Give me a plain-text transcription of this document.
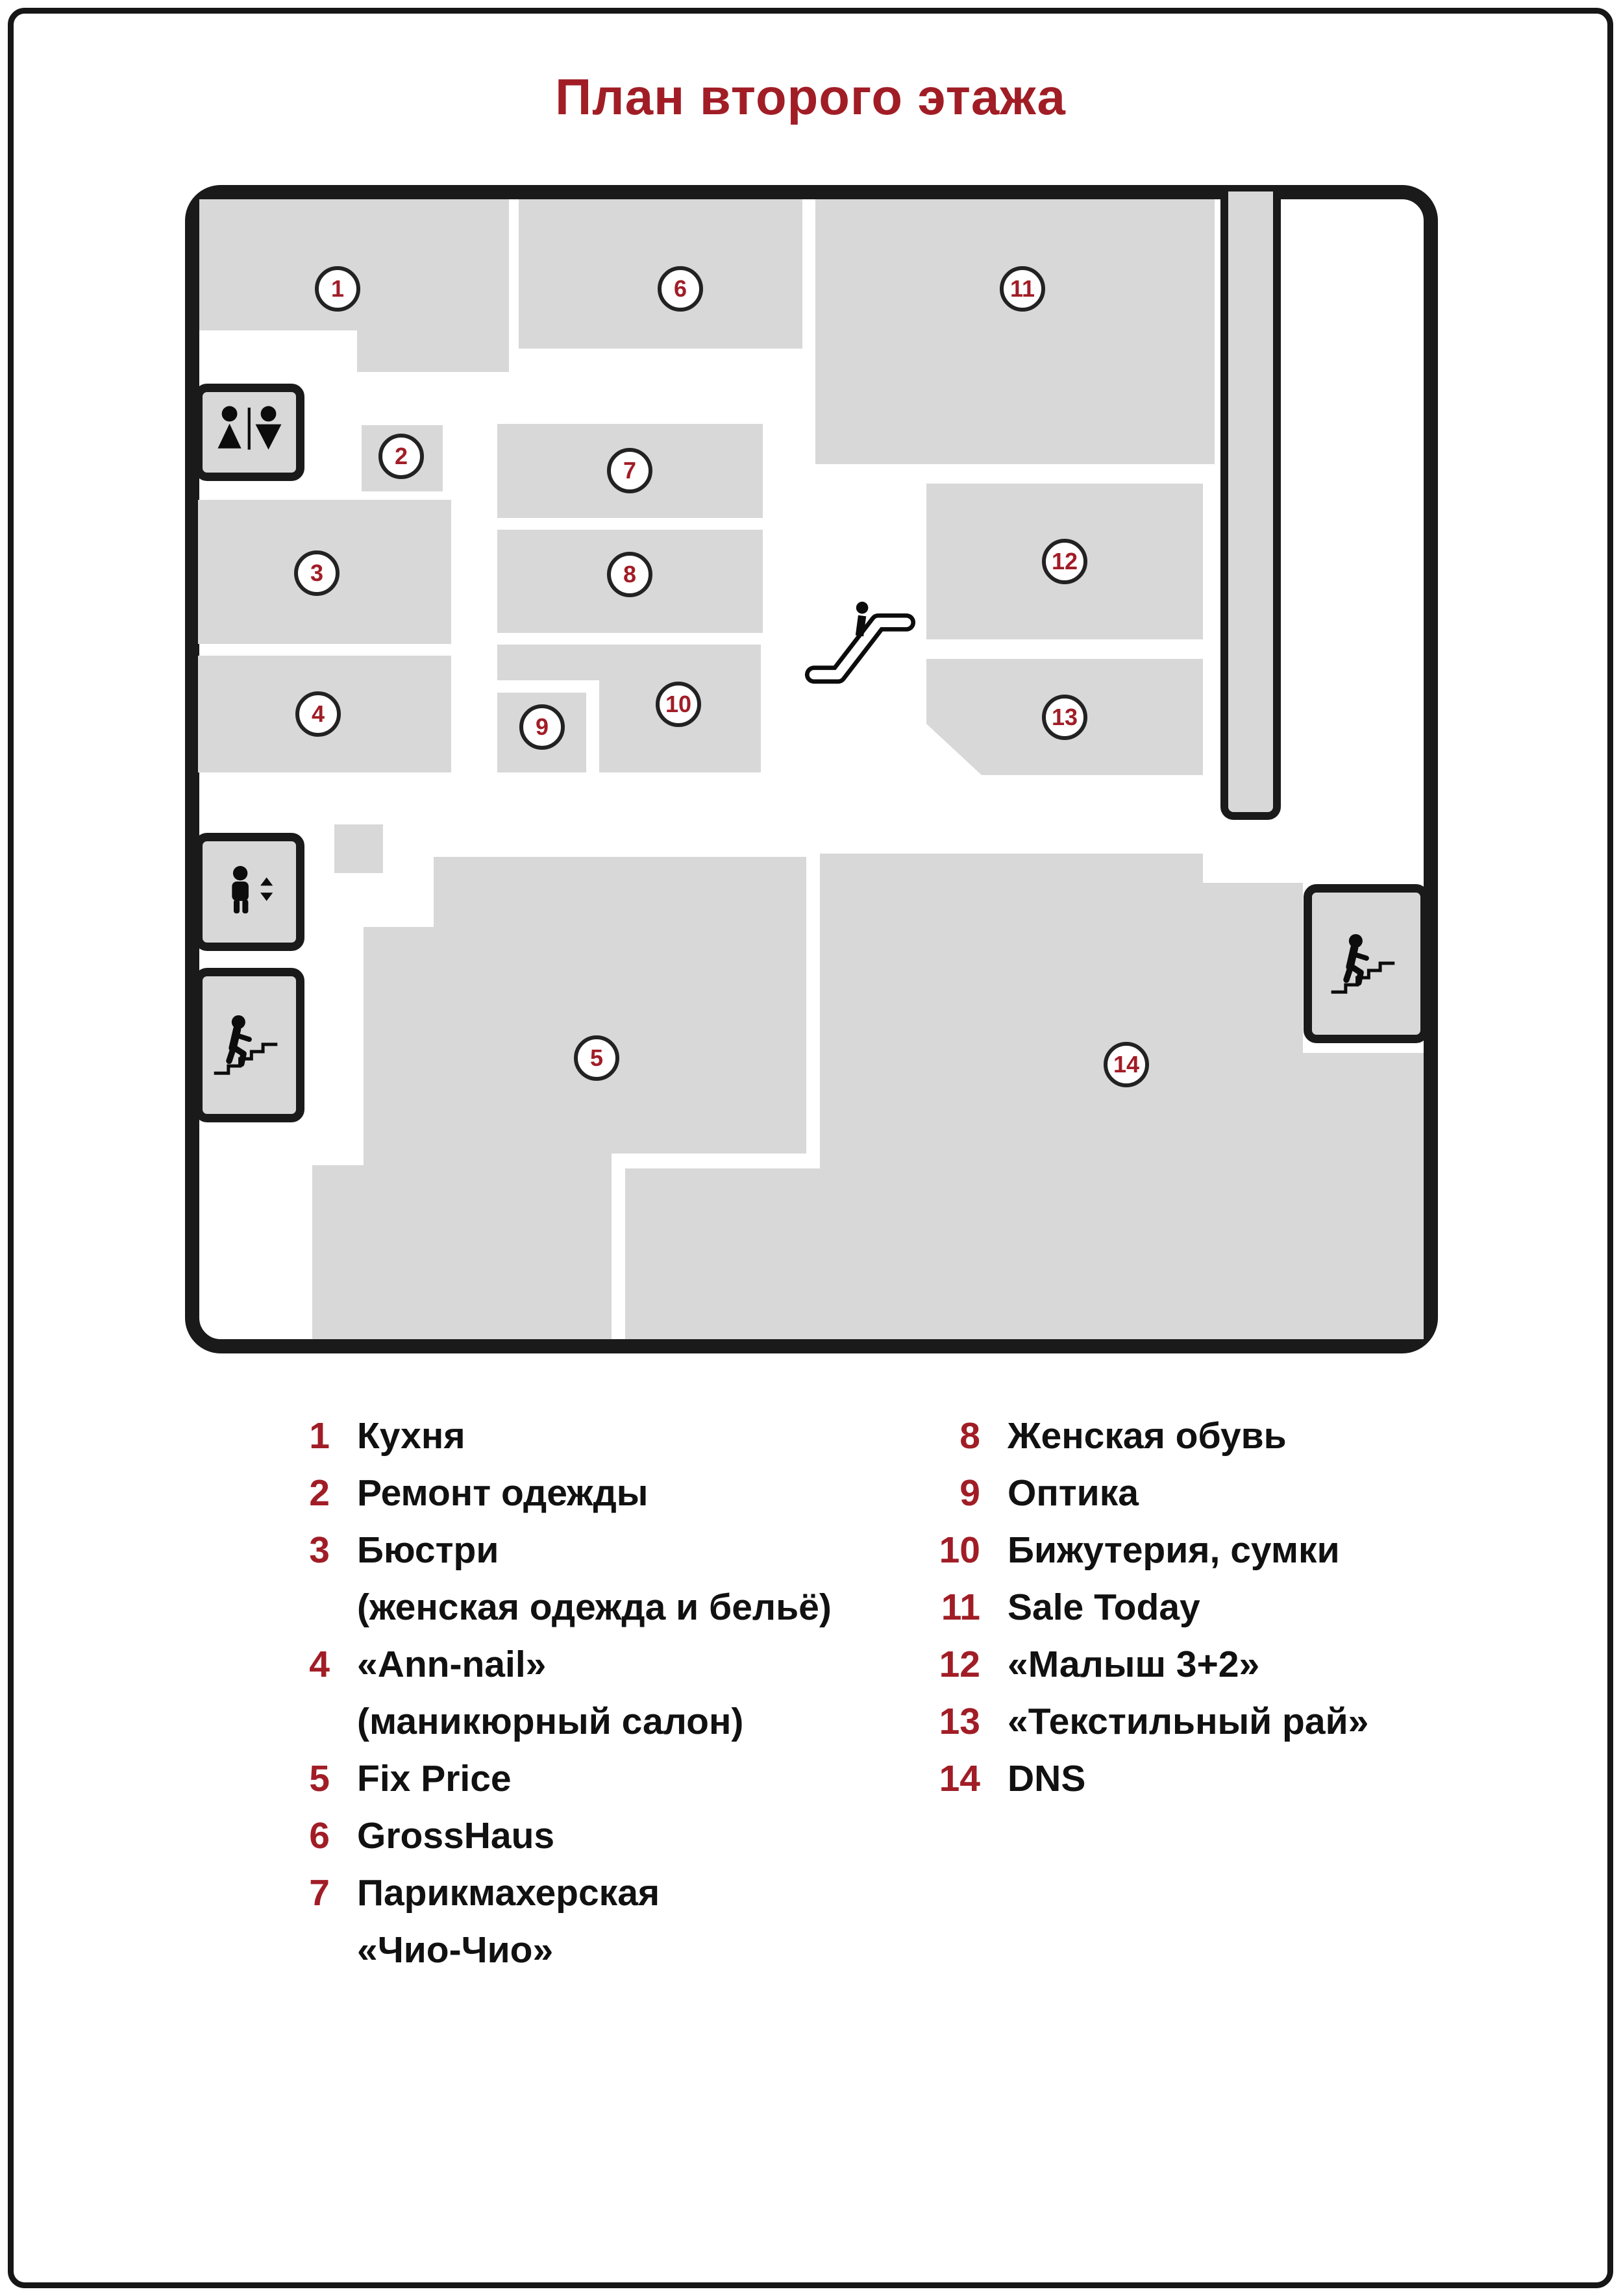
План второго этажа
1
2
3
4
5
6
7
8
9
10
11
12
13
14
1 Кухня
2 Ремонт одежды
3 Бюстри
(женская одежда и бельё)
4 «Ann-nail»
(маникюрный салон)
5 Fix Price
6 GrossHaus
7 Парикмахерская
«Чио-Чио»
8 Женская обувь
9 Оптика
10 Бижутерия, сумки
11 Sale Today
12 «Малыш 3+2»
13 «Текстильный рай»
14 DNS
